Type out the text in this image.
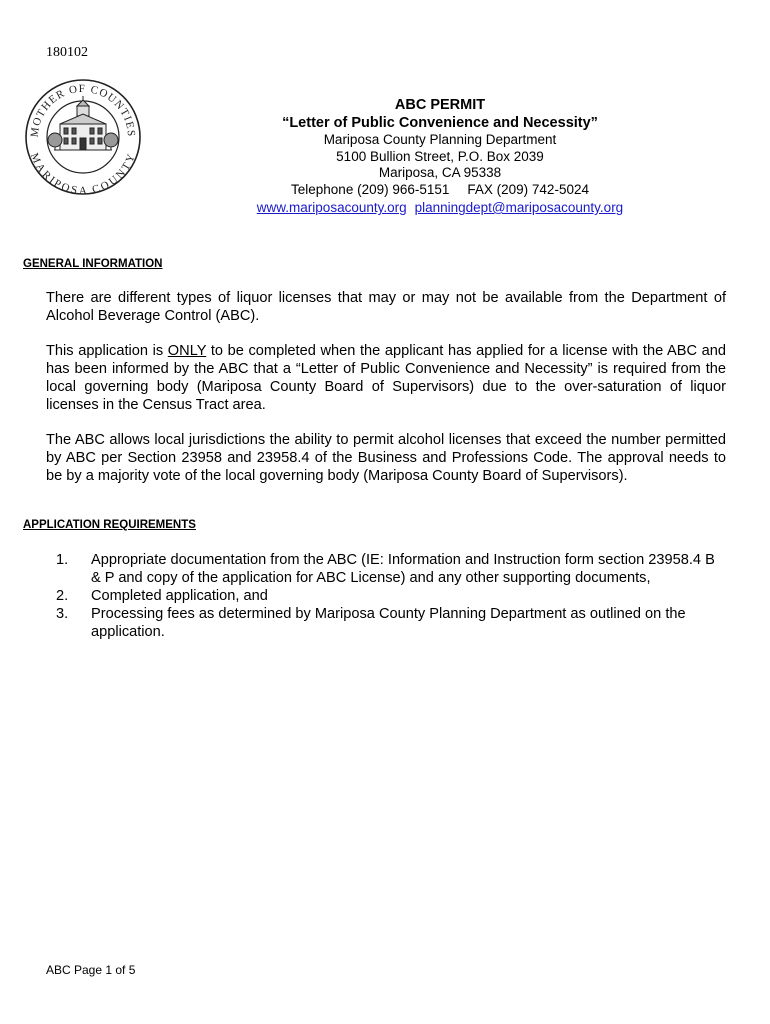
180102
MOTHER OF COUNTIES
MARIPOSA COUNTY
ABC PERMIT
“Letter of Public Convenience and Necessity”
Mariposa County Planning Department
5100 Bullion Street, P.O. Box 2039
Mariposa, CA 95338
Telephone (209) 966-5151 FAX (209) 742-5024
www.mariposacounty.org planningdept@mariposacounty.org
GENERAL INFORMATION
There are different types of liquor licenses that may or may not be available from the Department of Alcohol Beverage Control (ABC).
This application is ONLY to be completed when the applicant has applied for a license with the ABC and has been informed by the ABC that a “Letter of Public Convenience and Necessity” is required from the local governing body (Mariposa County Board of Supervisors) due to the over-saturation of liquor licenses in the Census Tract area.
The ABC allows local jurisdictions the ability to permit alcohol licenses that exceed the number permitted by ABC per Section 23958 and 23958.4 of the Business and Professions Code. The approval needs to be by a majority vote of the local governing body (Mariposa County Board of Supervisors).
APPLICATION REQUIREMENTS
1. Appropriate documentation from the ABC (IE: Information and Instruction form section 23958.4 B & P and copy of the application for ABC License) and any other supporting documents,
2. Completed application, and
3. Processing fees as determined by Mariposa County Planning Department as outlined on the application.
ABC Page 1 of 5
